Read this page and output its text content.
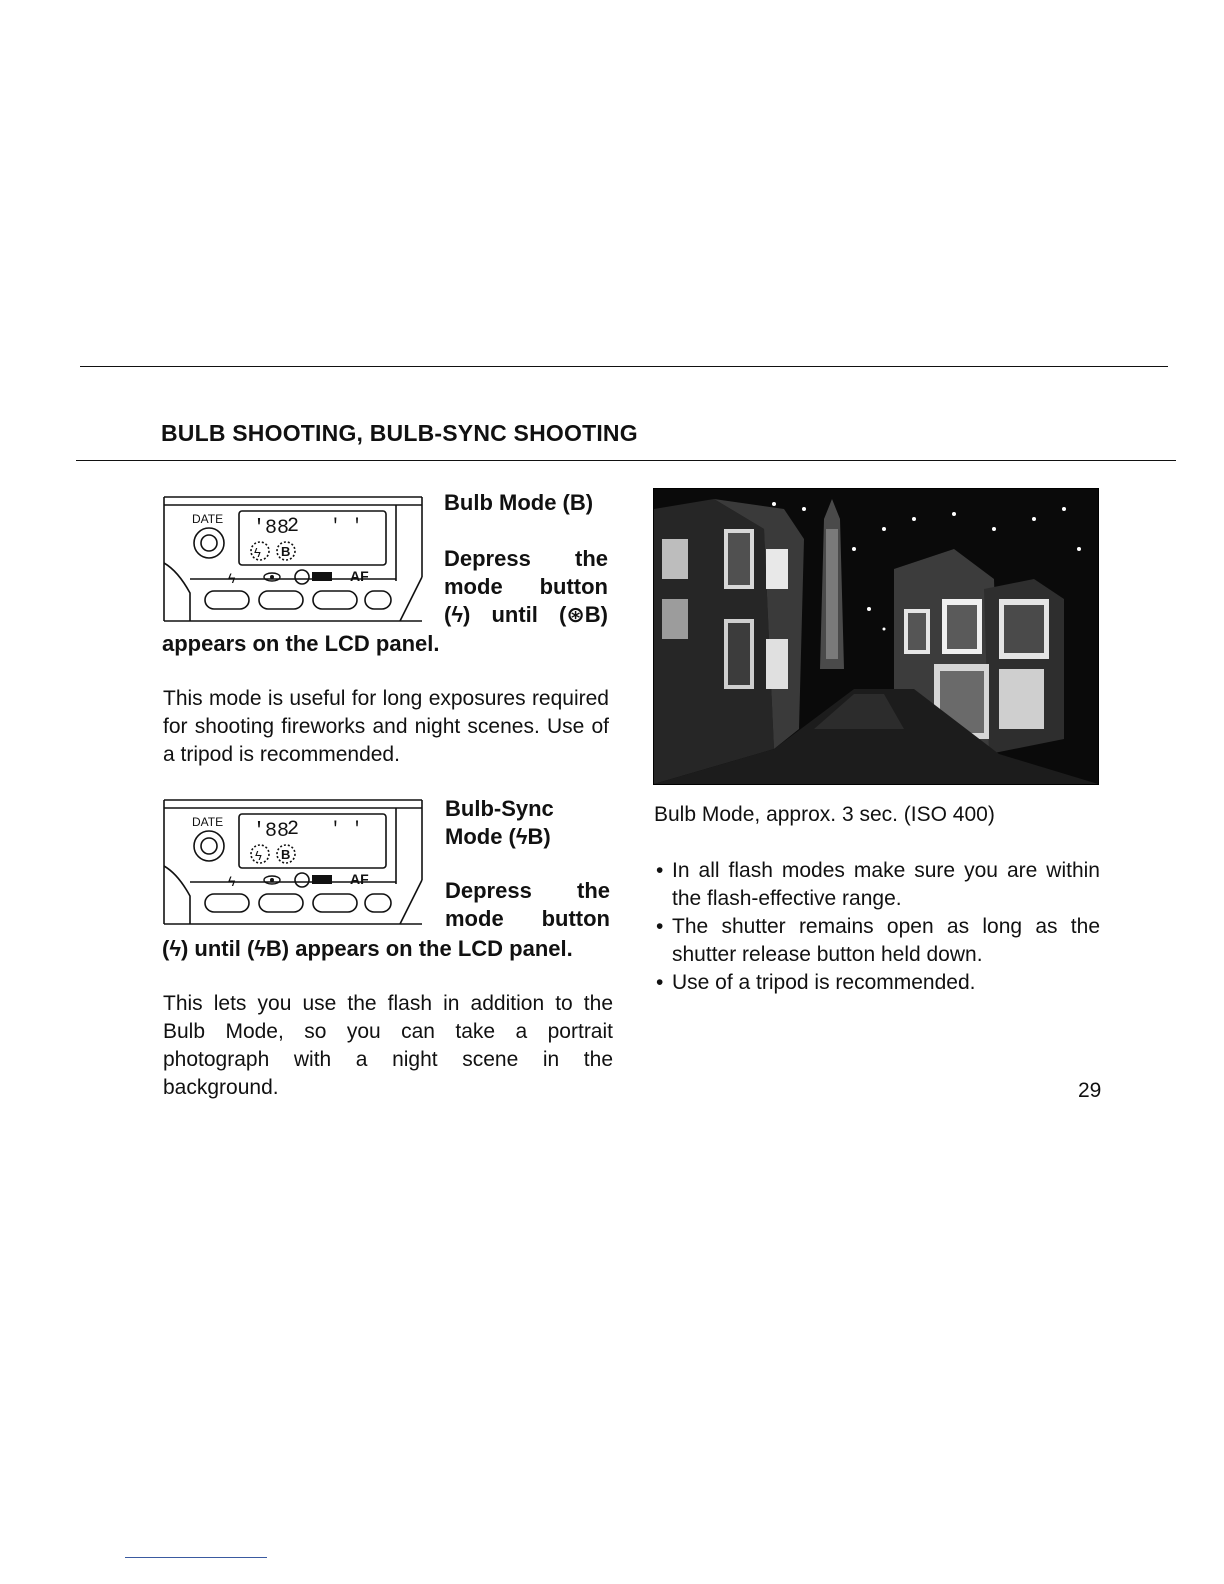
BULB SHOOTING, BULB-SYNC SHOOTING
DATE
B
AF
'88
2 ' '
ϟ
ϟ
Bulb Mode (B)
Depress the
mode button
(ϟ) until (⊛B)
appears on the LCD panel.
This mode is useful for long exposures required for shooting fireworks and night scenes. Use of a tripod is recommended.
DATE
B
AF
'88
2 ' '
ϟ
ϟ
Bulb-Sync
Mode (ϟB)
Depress the
mode button
(ϟ) until (ϟB) appears on the LCD panel.
This lets you use the flash in addition to the Bulb Mode, so you can take a portrait photograph with a night scene in the background.
Bulb Mode, approx. 3 sec. (ISO 400)
• In all flash modes make sure you are within the flash-effective range.
• The shutter remains open as long as the shutter release button held down.
• Use of a tripod is recommended.
29
